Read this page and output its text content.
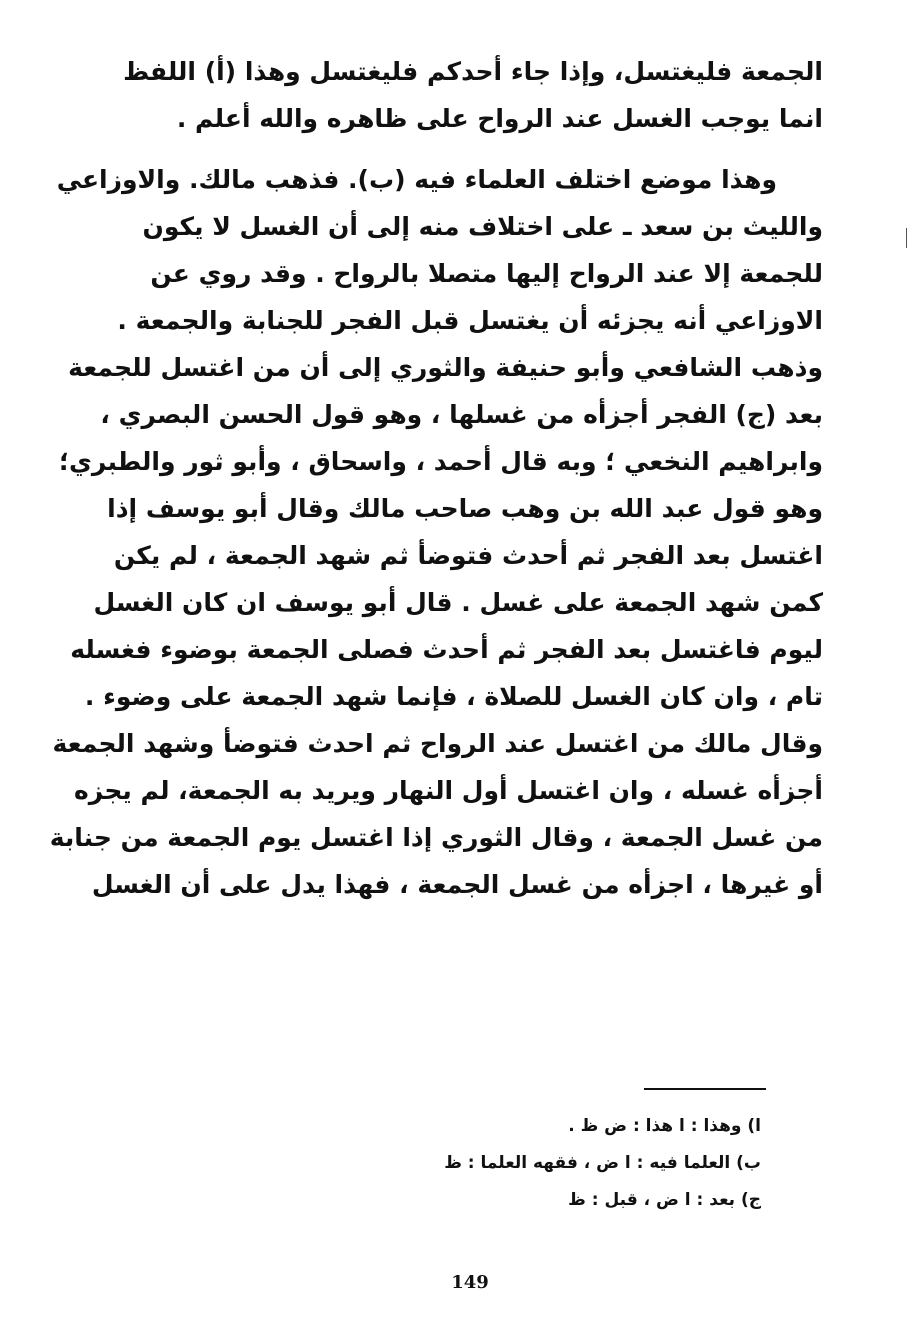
الجمعة فليغتسل، وإذا جاء أحدكم فليغتسل وهذا (أ) اللفظ
انما يوجب الغسل عند الرواح على ظاهره والله أعلم .
وهذا موضع اختلف العلماء فيه (ب). فذهب مالك. والاوزاعي
والليث بن سعد ـ على اختلاف منه إلى أن الغسل لا يكون
للجمعة إلا عند الرواح إليها متصلا بالرواح . وقد روي عن
الاوزاعي أنه يجزئه أن يغتسل قبل الفجر للجنابة والجمعة .
وذهب الشافعي وأبو حنيفة والثوري إلى أن من اغتسل للجمعة
بعد (ج) الفجر أجزأه من غسلها ، وهو قول الحسن البصري ،
وابراهيم النخعي ؛ وبه قال أحمد ، واسحاق ، وأبو ثور والطبري؛
وهو قول عبد الله بن وهب صاحب مالك وقال أبو يوسف إذا
اغتسل بعد الفجر ثم أحدث فتوضأ ثم شهد الجمعة ، لم يكن
كمن شهد الجمعة على غسل . قال أبو يوسف ان كان الغسل
ليوم فاغتسل بعد الفجر ثم أحدث فصلى الجمعة بوضوء فغسله
تام ، وان كان الغسل للصلاة ، فإنما شهد الجمعة على وضوء .
وقال مالك من اغتسل عند الرواح ثم احدث فتوضأ وشهد الجمعة
أجزأه غسله ، وان اغتسل أول النهار ويريد به الجمعة، لم يجزه
من غسل الجمعة ، وقال الثوري إذا اغتسل يوم الجمعة من جنابة
أو غيرها ، اجزأه من غسل الجمعة ، فهذا يدل على أن الغسل
ا) وهذا : ا هذا : ض ظ .
ب) العلما فيه : ا ض ، فقهه العلما : ظ
ج) بعد : ا ض ، قبل : ظ
149
